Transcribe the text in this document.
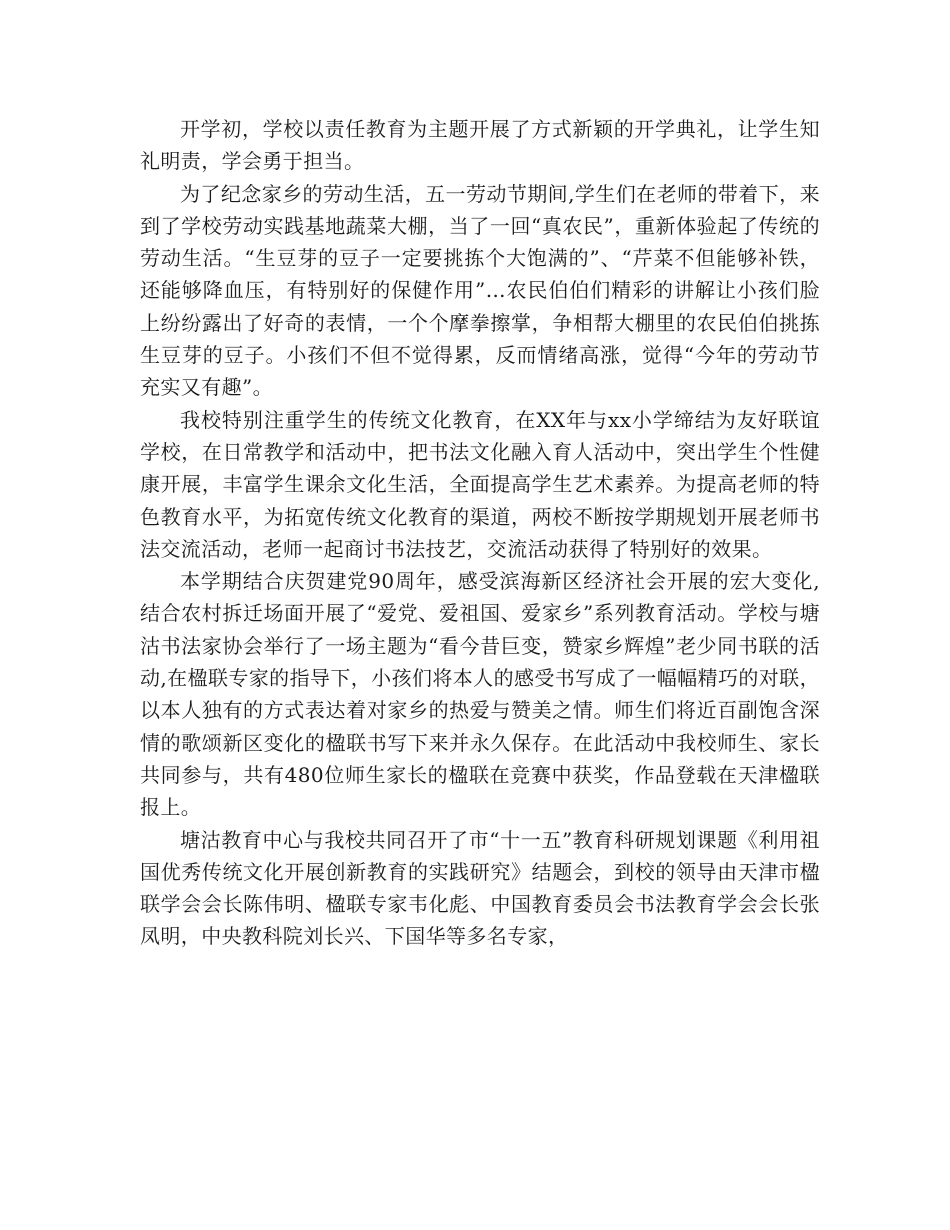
开学初，学校以责任教育为主题开展了方式新颖的开学典礼，让学生知礼明责，学会勇于担当。

为了纪念家乡的劳动生活，五一劳动节期间,学生们在老师的带着下，来到了学校劳动实践基地蔬菜大棚，当了一回“真农民”，重新体验起了传统的劳动生活。“生豆芽的豆子一定要挑拣个大饱满的”、“芹菜不但能够补铁，还能够降血压，有特别好的保健作用”…农民伯伯们精彩的讲解让小孩们脸上纷纷露出了好奇的表情，一个个摩拳擦掌，争相帮大棚里的农民伯伯挑拣生豆芽的豆子。小孩们不但不觉得累，反而情绪高涨，觉得“今年的劳动节充实又有趣”。

我校特别注重学生的传统文化教育，在XX年与xx小学缔结为友好联谊学校，在日常教学和活动中，把书法文化融入育人活动中，突出学生个性健康开展，丰富学生课余文化生活，全面提高学生艺术素养。为提高老师的特色教育水平，为拓宽传统文化教育的渠道，两校不断按学期规划开展老师书法交流活动，老师一起商讨书法技艺，交流活动获得了特别好的效果。

本学期结合庆贺建党90周年，感受滨海新区经济社会开展的宏大变化,结合农村拆迁场面开展了“爱党、爱祖国、爱家乡”系列教育活动。学校与塘沽书法家协会举行了一场主题为“看今昔巨变，赞家乡辉煌”老少同书联的活动,在楹联专家的指导下，小孩们将本人的感受书写成了一幅幅精巧的对联，以本人独有的方式表达着对家乡的热爱与赞美之情。师生们将近百副饱含深情的歌颂新区变化的楹联书写下来并永久保存。在此活动中我校师生、家长共同参与，共有480位师生家长的楹联在竞赛中获奖，作品登载在天津楹联报上。

塘沽教育中心与我校共同召开了市“十一五”教育科研规划课题《利用祖国优秀传统文化开展创新教育的实践研究》结题会，到校的领导由天津市楹联学会会长陈伟明、楹联专家韦化彪、中国教育委员会书法教育学会会长张凤明，中央教科院刘长兴、下国华等多名专家，
